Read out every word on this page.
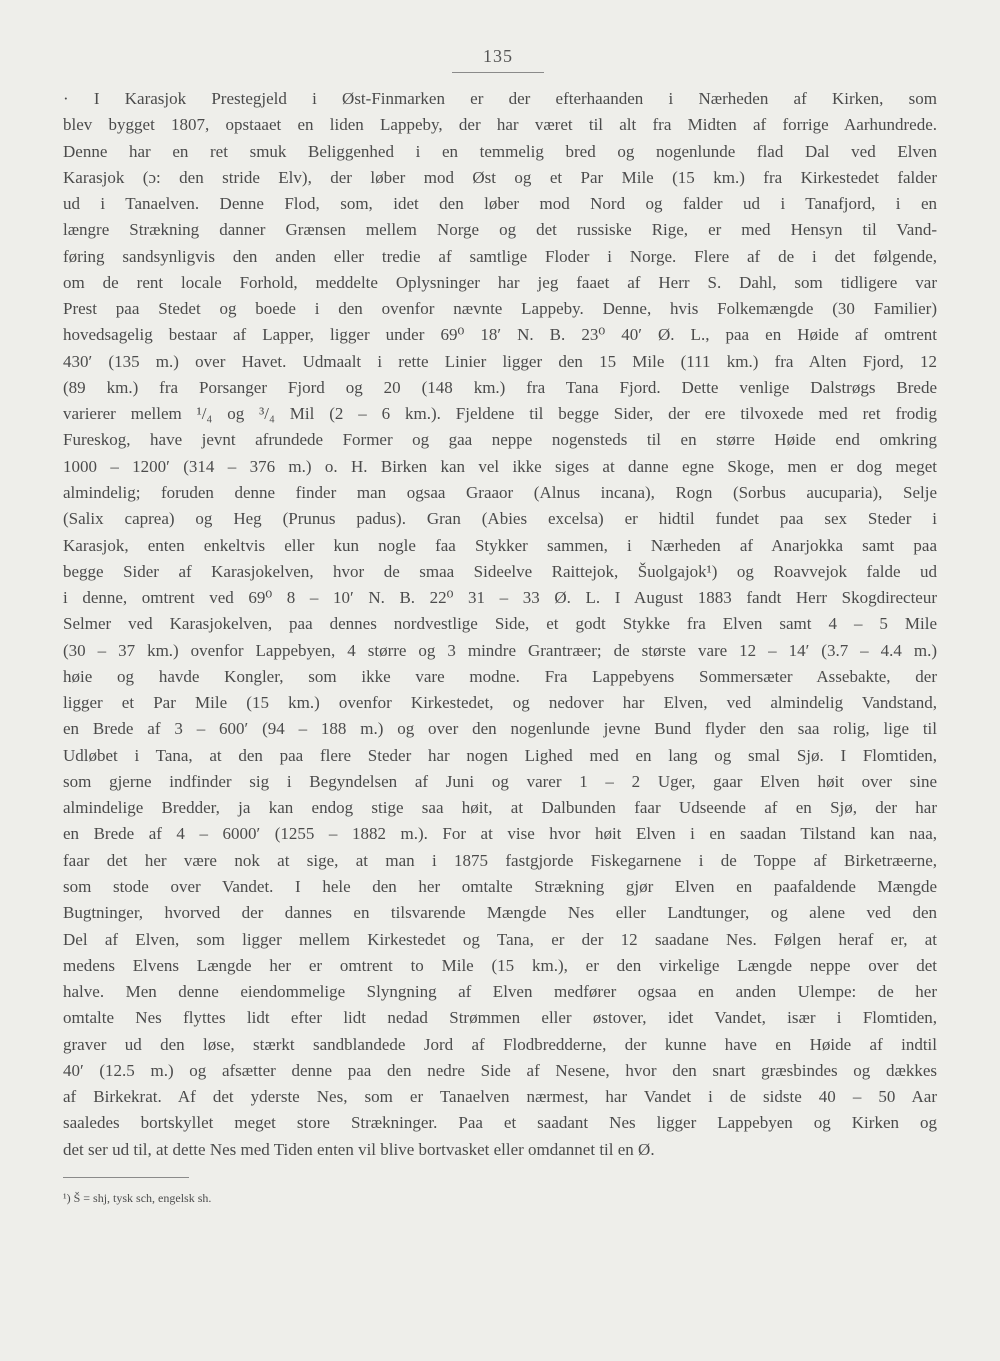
135
· I Karasjok Prestegjeld i Øst-Finmarken er der efterhaanden i Nærheden af Kirken, som
blev bygget 1807, opstaaet en liden Lappeby, der har været til alt fra Midten af forrige Aarhundrede.
Denne har en ret smuk Beliggenhed i en temmelig bred og nogenlunde flad Dal ved Elven
Karasjok (ɔ: den stride Elv), der løber mod Øst og et Par Mile (15 km.) fra Kirkestedet falder
ud i Tanaelven. Denne Flod, som, idet den løber mod Nord og falder ud i Tanafjord, i en
længre Strækning danner Grænsen mellem Norge og det russiske Rige, er med Hensyn til Vand-
føring sandsynligvis den anden eller tredie af samtlige Floder i Norge. Flere af de i det følgende,
om de rent locale Forhold, meddelte Oplysninger har jeg faaet af Herr S. Dahl, som tidligere var
Prest paa Stedet og boede i den ovenfor nævnte Lappeby. Denne, hvis Folkemængde (30 Familier)
hovedsagelig bestaar af Lapper, ligger under 69⁰ 18′ N. B. 23⁰ 40′ Ø. L., paa en Høide af omtrent
430′ (135 m.) over Havet. Udmaalt i rette Linier ligger den 15 Mile (111 km.) fra Alten Fjord, 12
(89 km.) fra Porsanger Fjord og 20 (148 km.) fra Tana Fjord. Dette venlige Dalstrøgs Brede
varierer mellem ¹/₄ og ³/₄ Mil (2 – 6 km.). Fjeldene til begge Sider, der ere tilvoxede med ret frodig
Fureskog, have jevnt afrundede Former og gaa neppe nogensteds til en større Høide end omkring
1000 – 1200′ (314 – 376 m.) o. H. Birken kan vel ikke siges at danne egne Skoge, men er dog meget
almindelig; foruden denne finder man ogsaa Graaor (Alnus incana), Rogn (Sorbus aucuparia), Selje
(Salix caprea) og Heg (Prunus padus). Gran (Abies excelsa) er hidtil fundet paa sex Steder i
Karasjok, enten enkeltvis eller kun nogle faa Stykker sammen, i Nærheden af Anarjokka samt paa
begge Sider af Karasjokelven, hvor de smaa Sideelve Raittejok, Šuolgajok¹) og Roavvejok falde ud
i denne, omtrent ved 69⁰ 8 – 10′ N. B. 22⁰ 31 – 33 Ø. L. I August 1883 fandt Herr Skogdirecteur
Selmer ved Karasjokelven, paa dennes nordvestlige Side, et godt Stykke fra Elven samt 4 – 5 Mile
(30 – 37 km.) ovenfor Lappebyen, 4 større og 3 mindre Grantræer; de største vare 12 – 14′ (3.7 – 4.4 m.)
høie og havde Kongler, som ikke vare modne. Fra Lappebyens Sommersæter Assebakte, der
ligger et Par Mile (15 km.) ovenfor Kirkestedet, og nedover har Elven, ved almindelig Vandstand,
en Brede af 3 – 600′ (94 – 188 m.) og over den nogenlunde jevne Bund flyder den saa rolig, lige til
Udløbet i Tana, at den paa flere Steder har nogen Lighed med en lang og smal Sjø. I Flomtiden,
som gjerne indfinder sig i Begyndelsen af Juni og varer 1 – 2 Uger, gaar Elven høit over sine
almindelige Bredder, ja kan endog stige saa høit, at Dalbunden faar Udseende af en Sjø, der har
en Brede af 4 – 6000′ (1255 – 1882 m.). For at vise hvor høit Elven i en saadan Tilstand kan naa,
faar det her være nok at sige, at man i 1875 fastgjorde Fiskegarnene i de Toppe af Birketræerne,
som stode over Vandet. I hele den her omtalte Strækning gjør Elven en paafaldende Mængde
Bugtninger, hvorved der dannes en tilsvarende Mængde Nes eller Landtunger, og alene ved den
Del af Elven, som ligger mellem Kirkestedet og Tana, er der 12 saadane Nes. Følgen heraf er, at
medens Elvens Længde her er omtrent to Mile (15 km.), er den virkelige Længde neppe over det
halve. Men denne eiendommelige Slyngning af Elven medfører ogsaa en anden Ulempe: de her
omtalte Nes flyttes lidt efter lidt nedad Strømmen eller østover, idet Vandet, især i Flomtiden,
graver ud den løse, stærkt sandblandede Jord af Flodbredderne, der kunne have en Høide af indtil
40′ (12.5 m.) og afsætter denne paa den nedre Side af Nesene, hvor den snart græsbindes og dækkes
af Birkekrat. Af det yderste Nes, som er Tanaelven nærmest, har Vandet i de sidste 40 – 50 Aar
saaledes bortskyllet meget store Strækninger. Paa et saadant Nes ligger Lappebyen og Kirken og
det ser ud til, at dette Nes med Tiden enten vil blive bortvasket eller omdannet til en Ø.
¹) Š = shj, tysk sch, engelsk sh.
